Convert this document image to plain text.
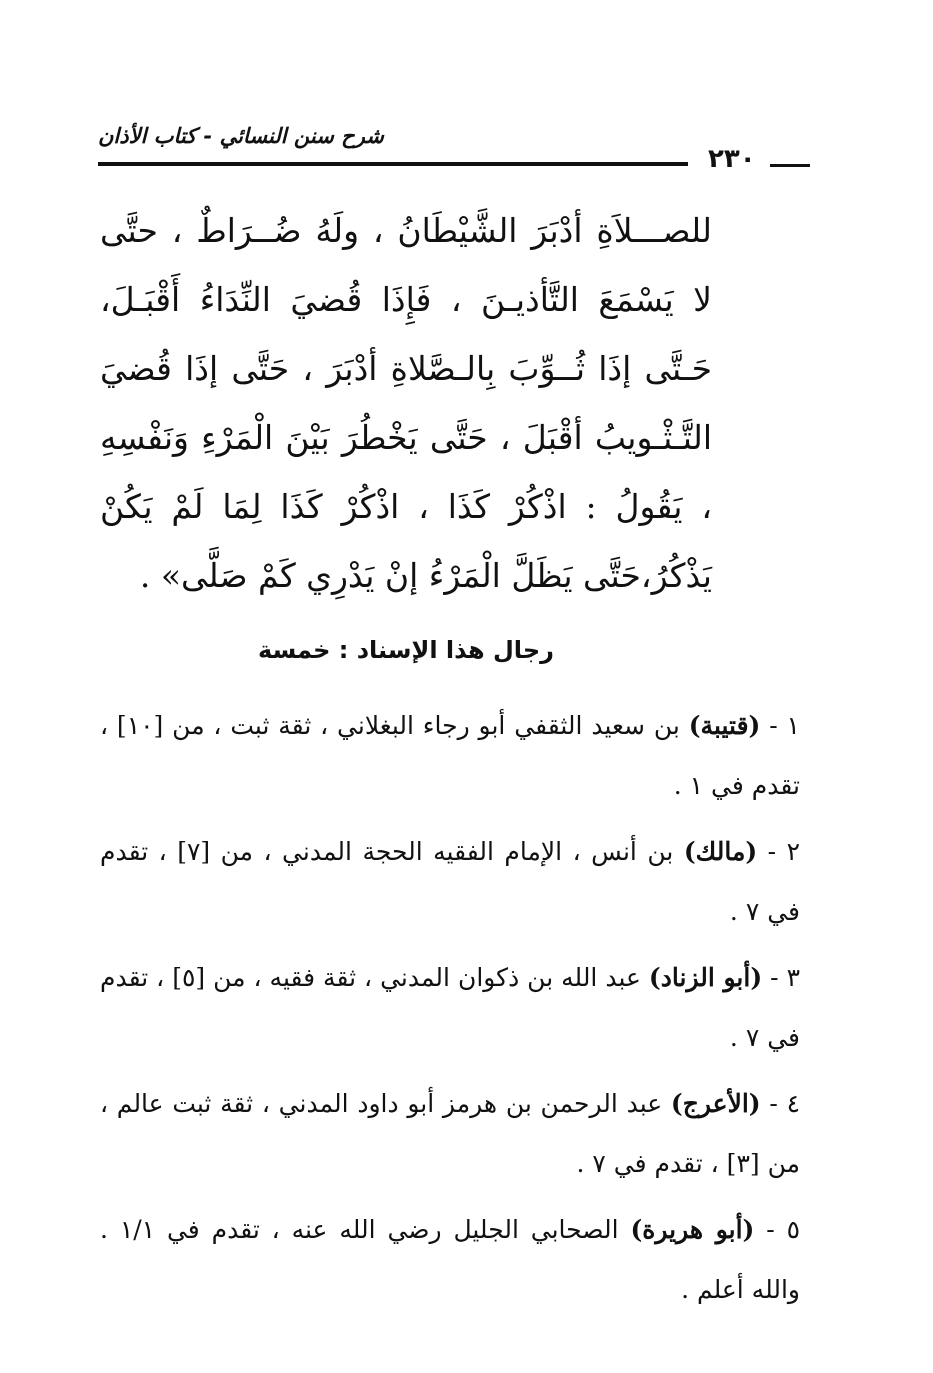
شرح سنن النسائي - كتاب الأذان
٢٣٠
للصـــلاَةِ أدْبَرَ الشَّيْطَانُ ، ولَهُ ضُــرَاطٌ ، حتَّى لا يَسْمَعَ التَّأذيـنَ ، فَإِذَا قُضيَ النِّدَاءُ أَقْبَـلَ، حَـتَّى إذَا ثُــوِّبَ بِالـصَّلاةِ أدْبَرَ ، حَتَّى إذَا قُضيَ التَّـثْـويبُ أقْبَلَ ، حَتَّى يَخْطُرَ بَيْنَ الْمَرْءِ وَنَفْسِهِ ، يَقُولُ : اذْكُرْ كَذَا ، اذْكُرْ كَذَا لِمَا لَمْ يَكُنْ يَذْكُرُ،حَتَّى يَظَلَّ الْمَرْءُ إنْ يَدْرِي كَمْ صَلَّى» .
رجال هذا الإسناد : خمسة

١ - (قتيبة) بن سعيد الثقفي أبو رجاء البغلاني ، ثقة ثبت ، من [١٠] ، تقدم في ١ .

٢ - (مالك) بن أنس ، الإمام الفقيه الحجة المدني ، من [٧] ، تقدم في ٧ .

٣ - (أبو الزناد) عبد الله بن ذكوان المدني ، ثقة فقيه ، من [٥] ، تقدم في ٧ .

٤ - (الأعرج) عبد الرحمن بن هرمز أبو داود المدني ، ثقة ثبت عالم ، من [٣] ، تقدم في ٧ .

٥ - (أبو هريرة) الصحابي الجليل رضي الله عنه ، تقدم في ١/١ . والله أعلم .
